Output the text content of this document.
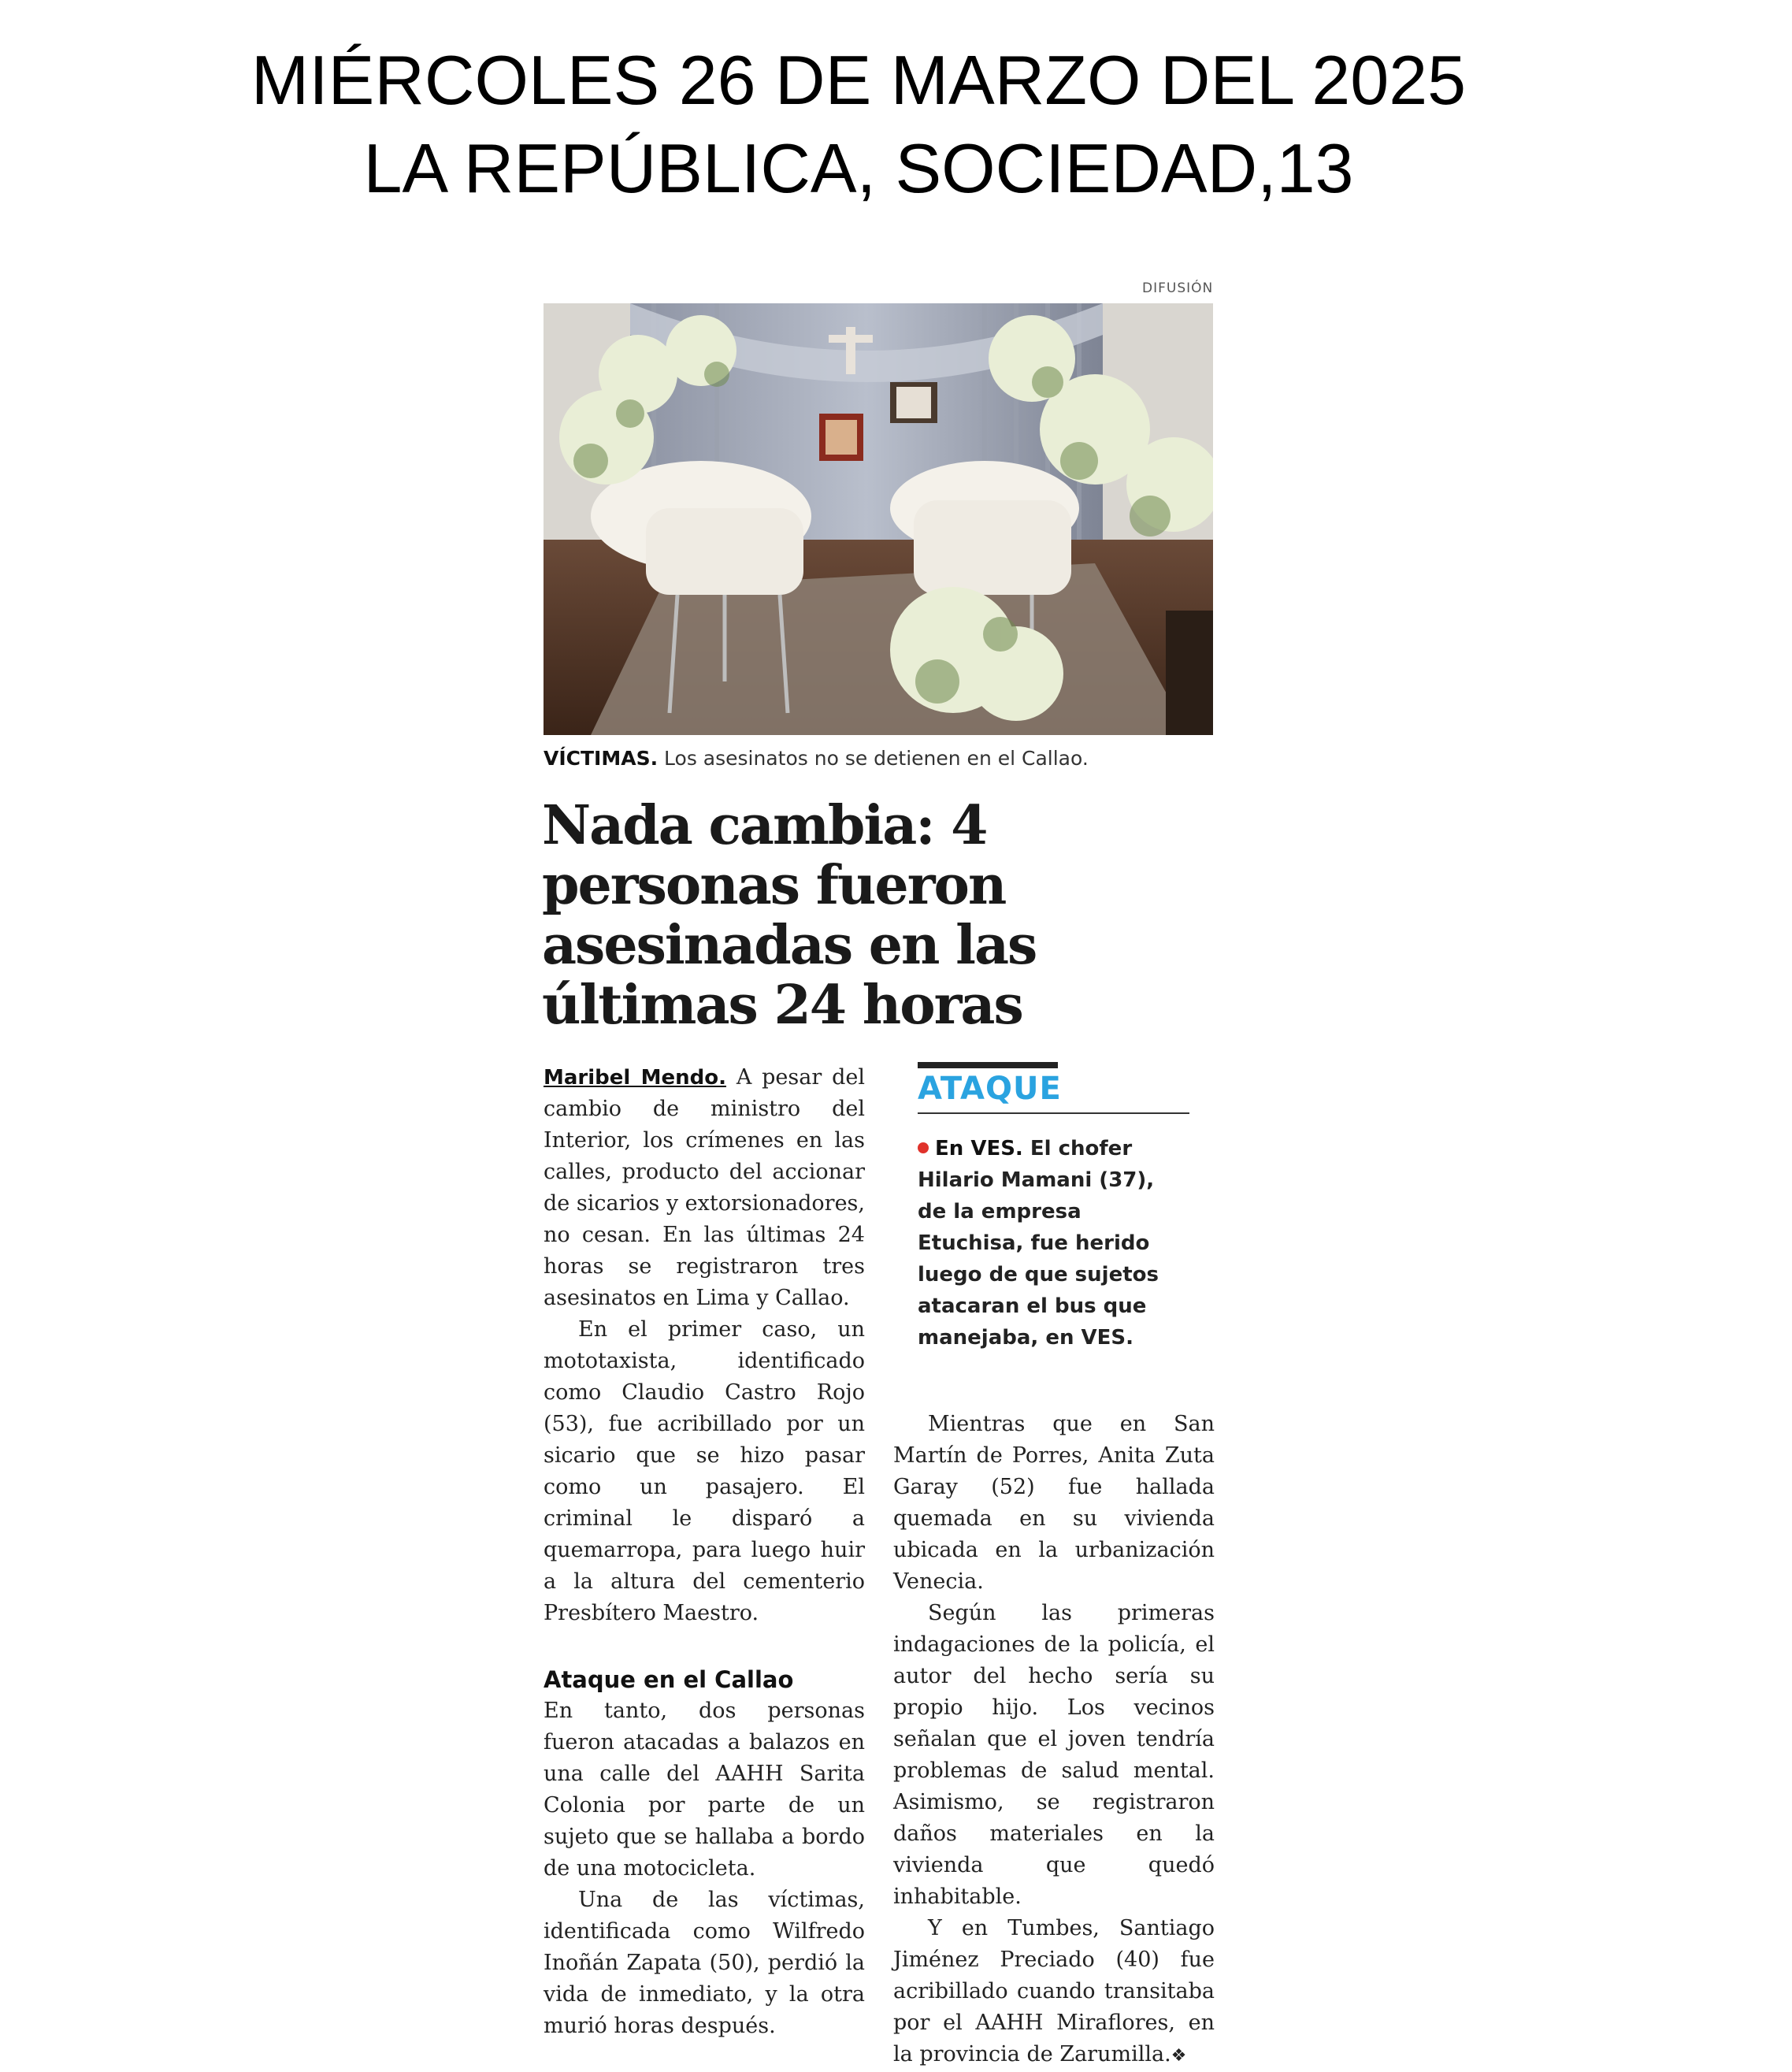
MIÉRCOLES 26 DE MARZO DEL 2025
LA REPÚBLICA, SOCIEDAD,13
DIFUSIÓN
VÍCTIMAS. Los asesinatos no se detienen en el Callao.
Nada cambia: 4 personas fueron asesinadas en las últimas 24 horas

Maribel Mendo. A pesar del cambio de ministro del Interior, los crímenes en las calles, producto del accionar de sicarios y extorsionadores, no cesan. En las últimas 24 horas se registraron tres asesinatos en Lima y Callao.

En el primer caso, un mototaxista, identificado como Claudio Castro Rojo (53), fue acribillado por un sicario que se hizo pasar como un pasajero. El criminal le disparó a quemarropa, para luego huir a la altura del cementerio Presbítero Maestro.

Ataque en el Callao

En tanto, dos personas fueron atacadas a balazos en una calle del AAHH Sarita Colonia por parte de un sujeto que se hallaba a bordo de una motocicleta.

Una de las víctimas, identificada como Wilfredo Inoñán Zapata (50), perdió la vida de inmediato, y la otra murió horas después.

ATAQUE
En VES. El chofer Hilario Mamani (37), de la empresa Etuchisa, fue herido luego de que sujetos atacaran el bus que manejaba, en VES.

Mientras que en San Martín de Porres, Anita Zuta Garay (52) fue hallada quemada en su vivienda ubicada en la urbanización Venecia.

Según las primeras indagaciones de la policía, el autor del hecho sería su propio hijo. Los vecinos señalan que el joven tendría problemas de salud mental. Asimismo, se registraron daños materiales en la vivienda que quedó inhabitable.

Y en Tumbes, Santiago Jiménez Preciado (40) fue acribillado cuando transitaba por el AAHH Miraflores, en la provincia de Zarumilla.❖
